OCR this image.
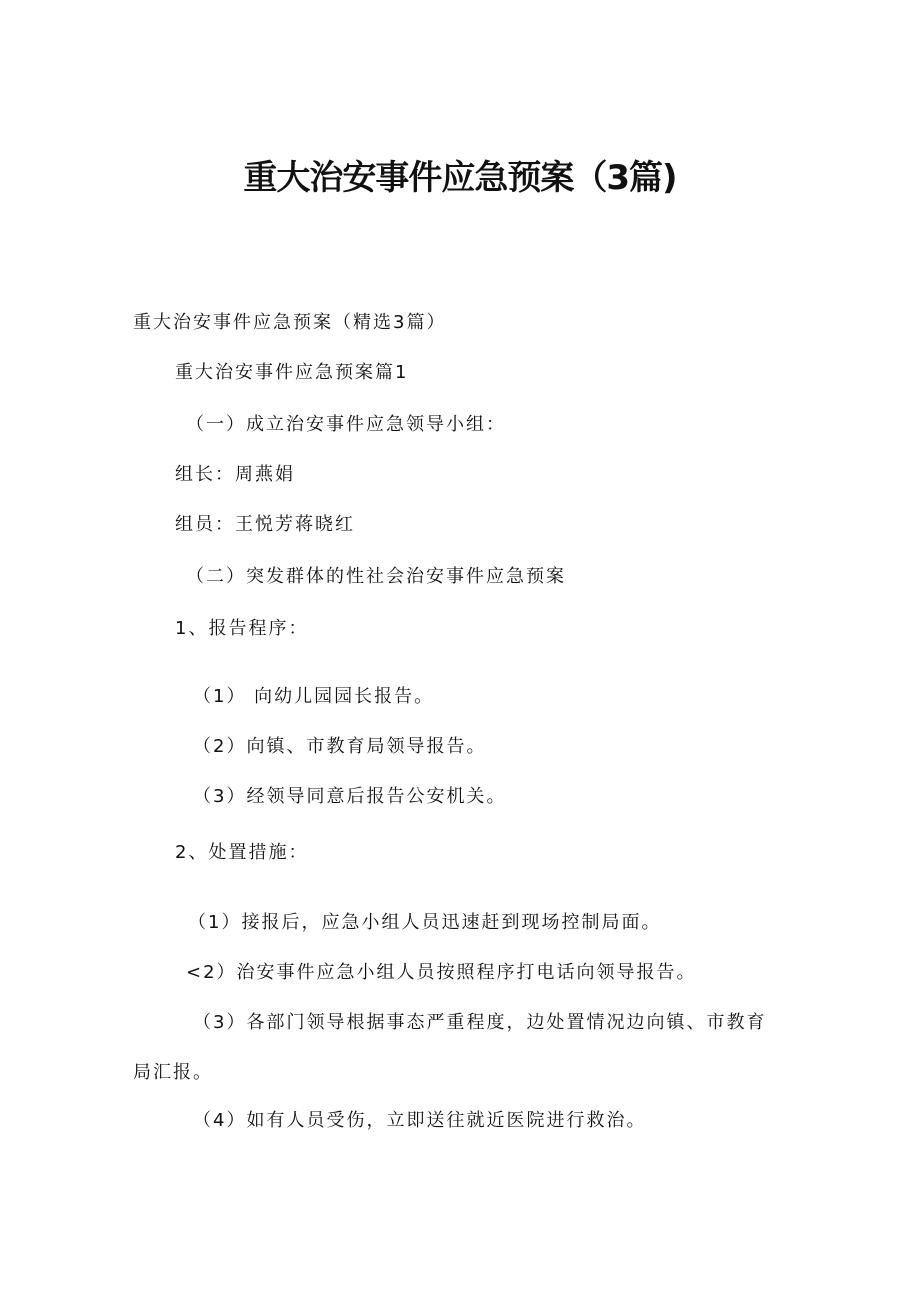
重大治安事件应急预案（3篇)
重大治安事件应急预案（精选3篇）
重大治安事件应急预案篇1
（一）成立治安事件应急领导小组：
组长：周燕娟
组员：王悦芳蒋晓红
（二）突发群体的性社会治安事件应急预案
1、报告程序：
（1） 向幼儿园园长报告。
（2）向镇、市教育局领导报告。
（3）经领导同意后报告公安机关。
2、处置措施：
（1）接报后，应急小组人员迅速赶到现场控制局面。
<2）治安事件应急小组人员按照程序打电话向领导报告。
（3）各部门领导根据事态严重程度，边处置情况边向镇、市教育
局汇报。
（4）如有人员受伤，立即送往就近医院进行救治。
